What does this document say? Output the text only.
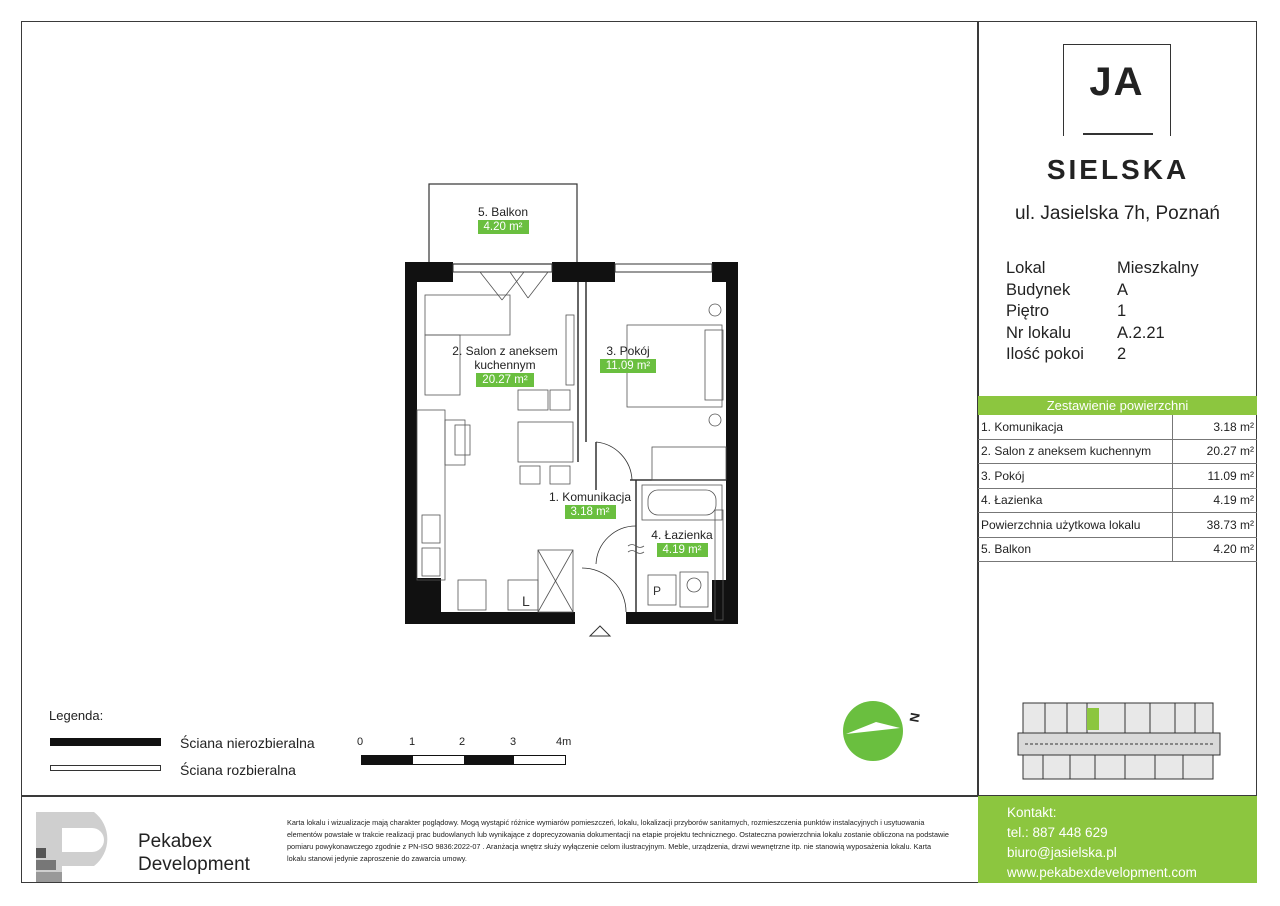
JA
SIELSKA
ul. Jasielska 7h, Poznań
Lokal	Mieszkalny
Budynek	A
Piętro	1
Nr lokalu	A.2.21
Ilość pokoi	2
Zestawienie powierzchni	
1. Komunikacja	3.18 m²
2. Salon z aneksem kuchennym	20.27 m²
3. Pokój	11.09 m²
4. Łazienka	4.19 m²
Powierzchnia użytkowa lokalu	38.73 m²
5. Balkon	4.20 m²
Kontakt:
tel.: 887 448 629
biuro@jasielska.pl
www.pekabexdevelopment.com
Pekabex
Development
Karta lokalu i wizualizacje mają charakter poglądowy. Mogą wystąpić różnice wymiarów pomieszczeń, lokalu, lokalizacji przyborów sanitarnych, rozmieszczenia punktów instalacyjnych i usytuowania elementów powstałe w trakcie realizacji prac budowlanych lub wynikające z doprecyzowania dokumentacji na etapie projektu technicznego. Ostateczna powierzchnia lokalu zostanie obliczona na podstawie pomiaru powykonawczego zgodnie z PN-ISO 9836:2022-07 . Aranżacja wnętrz służy wyłączenie celom ilustracyjnym. Meble, urządzenia, drzwi wewnętrzne itp. nie stanowią wyposażenia lokalu. Karta lokalu stanowi jedynie zaproszenie do zawarcia umowy.
Legenda:
Ściana nierozbieralna
Ściana rozbieralna
0	1	2	3	4m
N
L
P
5. Balkon
4.20 m²
2. Salon z aneksem
kuchennym
20.27 m²
3. Pokój
11.09 m²
1. Komunikacja
3.18 m²
4. Łazienka
4.19 m²
